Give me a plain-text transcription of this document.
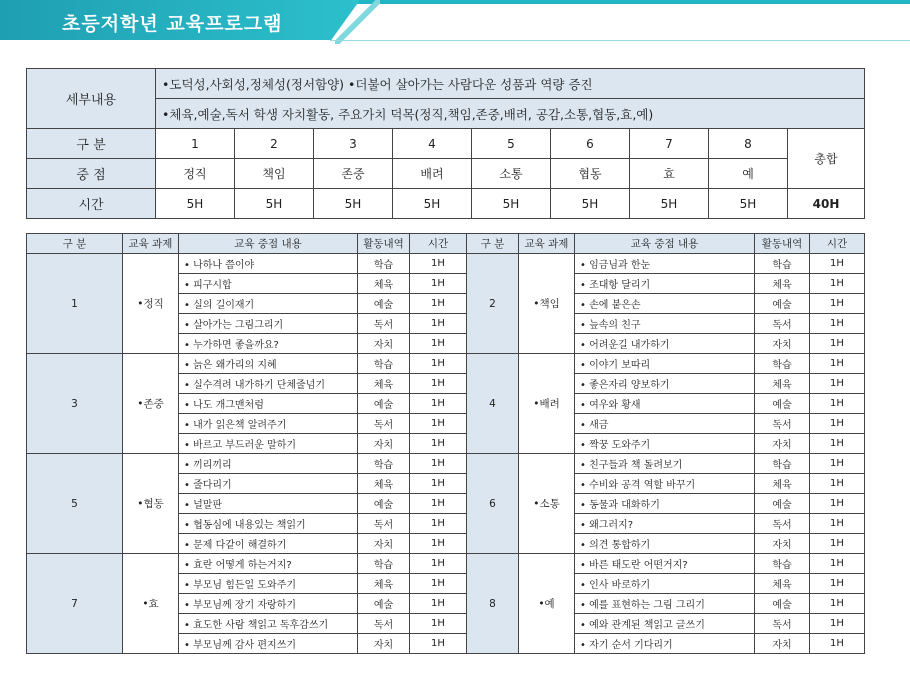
초등저학년 교육프로그램
세부내용	•도덕성,사회성,정체성(정서함양) •더불어 살아가는 사람다운 성품과 역량 증진								
	•체육,예술,독서 학생 자치활동, 주요가치 덕목(정직,책임,존중,배려, 공감,소통,협동,효,예)								
구 분	1	2	3	4	5	6	7	8	총합
중 점	정직	책임	존중	배려	소통	협동	효	예	
시간	5H	5H	5H	5H	5H	5H	5H	5H	40H
구 분	교육 과제	교육 중점 내용	활동내역	시간	구 분	교육 과제	교육 중점 내용	활동내역	시간
1	•정직	• 나하나 쯤이야	학습	1H	2	•책임	• 임금님과 한눈	학습	1H
		• 피구시합	체육	1H			• 조대항 달리기	체육	1H
		• 실의 길이재기	예술	1H			• 손에 붙은손	예술	1H
		• 살아가는 그림그리기	독서	1H			• 늪속의 친구	독서	1H
		• 누가하면 좋을까요?	자치	1H			• 어려운길 내가하기	자치	1H
3	•존중	• 늙은 왜가리의 지혜	학습	1H	4	•배려	• 이야기 보따리	학습	1H
		• 실수격려 내가하기 단체줄넘기	체육	1H			• 좋은자리 양보하기	체육	1H
		• 나도 개그맨처럼	예술	1H			• 여우와 황새	예술	1H
		• 내가 읽은책 알려주기	독서	1H			• 새금	독서	1H
		• 바르고 부드러운 말하기	자치	1H			• 짝꿍 도와주기	자치	1H
5	•협동	• 끼리끼리	학습	1H	6	•소통	• 친구들과 책 돌려보기	학습	1H
		• 줄다리기	체육	1H			• 수비와 공격 역할 바꾸기	체육	1H
		• 널말판	예술	1H			• 동물과 대화하기	예술	1H
		• 협동심에 내용있는 책읽기	독서	1H			• 왜그러지?	독서	1H
		• 문제 다같이 해결하기	자치	1H			• 의견 통합하기	자치	1H
7	•효	• 효란 어떻게 하는거지?	학습	1H	8	•예	• 바른 태도란 어떤거지?	학습	1H
		• 부모님 힘든일 도와주기	체육	1H			• 인사 바로하기	체육	1H
		• 부모님께 장기 자랑하기	예술	1H			• 예를 표현하는 그림 그리기	예술	1H
		• 효도한 사람 책읽고 독후감쓰기	독서	1H			• 예와 관계된 책읽고 글쓰기	독서	1H
		• 부모님께 감사 편지쓰기	자치	1H			• 자기 순서 기다리기	자치	1H
